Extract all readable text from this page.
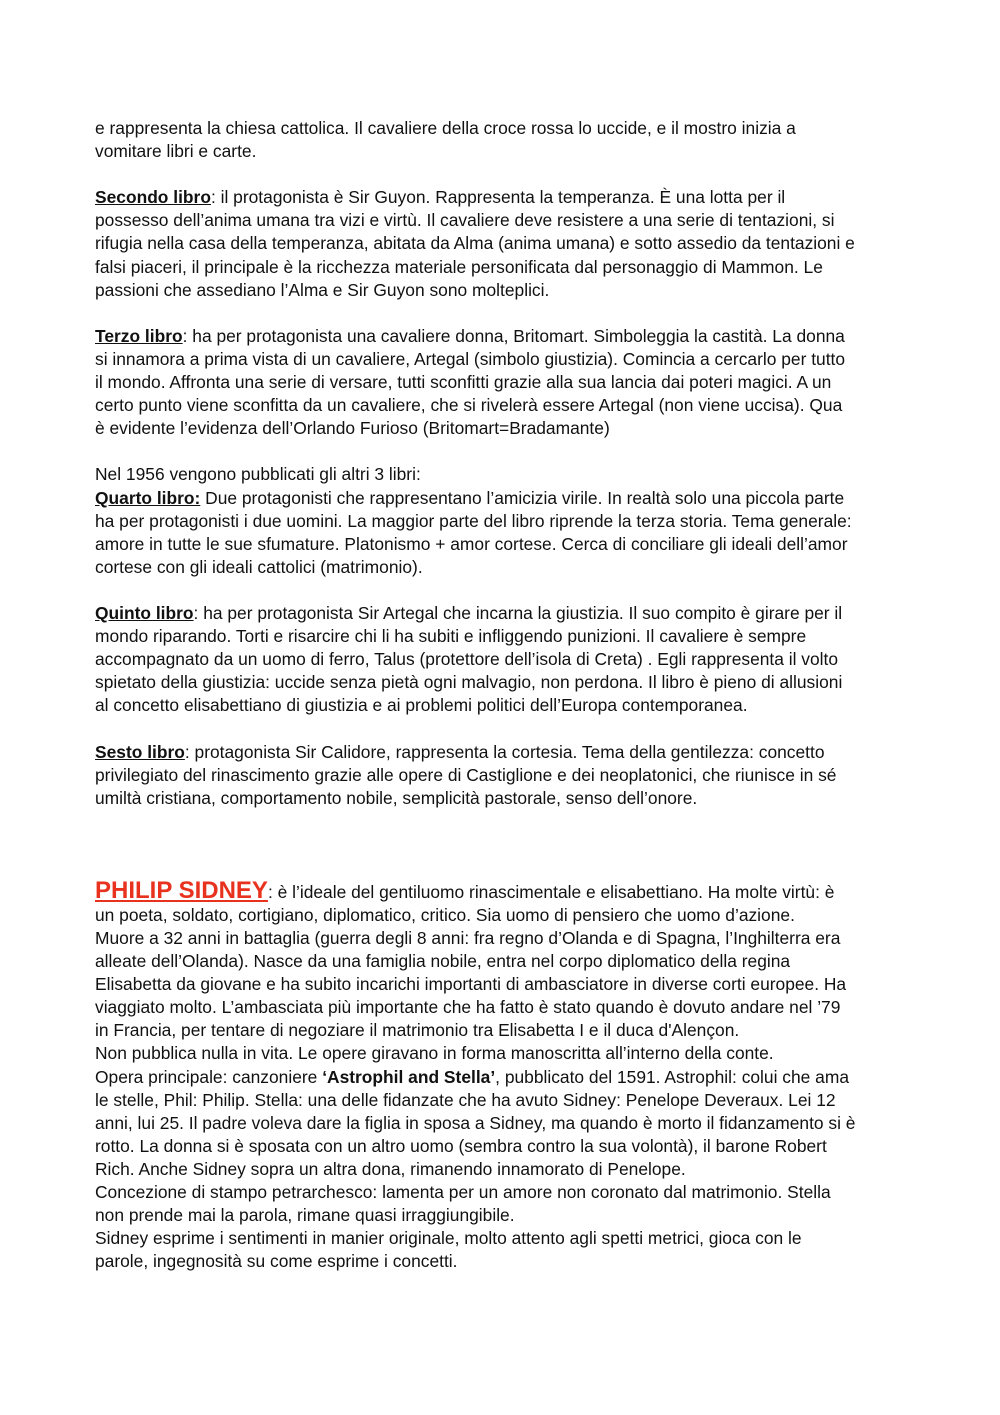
e rappresenta la chiesa cattolica. Il cavaliere della croce rossa lo uccide, e il mostro inizia a
vomitare libri e carte.
Secondo libro: il protagonista è Sir Guyon. Rappresenta la temperanza. È una lotta per il
possesso dell’anima umana tra vizi e virtù. Il cavaliere deve resistere a una serie di tentazioni, si
rifugia nella casa della temperanza, abitata da Alma (anima umana) e sotto assedio da tentazioni e
falsi piaceri, il principale è la ricchezza materiale personificata dal personaggio di Mammon. Le
passioni che assediano l’Alma e Sir Guyon sono molteplici.
Terzo libro: ha per protagonista una cavaliere donna, Britomart. Simboleggia la castità. La donna
si innamora a prima vista di un cavaliere, Artegal (simbolo giustizia). Comincia a cercarlo per tutto
il mondo. Affronta una serie di versare, tutti sconfitti grazie alla sua lancia dai poteri magici. A un
certo punto viene sconfitta da un cavaliere, che si rivelerà essere Artegal (non viene uccisa). Qua
è evidente l’evidenza dell’Orlando Furioso (Britomart=Bradamante)
Nel 1956 vengono pubblicati gli altri 3 libri:
Quarto libro: Due protagonisti che rappresentano l’amicizia virile. In realtà solo una piccola parte
ha per protagonisti i due uomini. La maggior parte del libro riprende la terza storia. Tema generale:
amore in tutte le sue sfumature. Platonismo + amor cortese. Cerca di conciliare gli ideali dell’amor
cortese con gli ideali cattolici (matrimonio).
Quinto libro: ha per protagonista Sir Artegal che incarna la giustizia. Il suo compito è girare per il
mondo riparando. Torti e risarcire chi li ha subiti e infliggendo punizioni. Il cavaliere è sempre
accompagnato da un uomo di ferro, Talus (protettore dell’isola di Creta) . Egli rappresenta il volto
spietato della giustizia: uccide senza pietà ogni malvagio, non perdona. Il libro è pieno di allusioni
al concetto elisabettiano di giustizia e ai problemi politici dell’Europa contemporanea.
Sesto libro: protagonista Sir Calidore, rappresenta la cortesia. Tema della gentilezza: concetto
privilegiato del rinascimento grazie alle opere di Castiglione e dei neoplatonici, che riunisce in sé
umiltà cristiana, comportamento nobile, semplicità pastorale, senso dell’onore.
PHILIP SIDNEY: è l’ideale del gentiluomo rinascimentale e elisabettiano. Ha molte virtù: è
un poeta, soldato, cortigiano, diplomatico, critico. Sia uomo di pensiero che uomo d’azione.
Muore a 32 anni in battaglia (guerra degli 8 anni: fra regno d’Olanda e di Spagna, l’Inghilterra era
alleate dell’Olanda). Nasce da una famiglia nobile, entra nel corpo diplomatico della regina
Elisabetta da giovane e ha subito incarichi importanti di ambasciatore in diverse corti europee. Ha
viaggiato molto. L’ambasciata più importante che ha fatto è stato quando è dovuto andare nel ’79
in Francia, per tentare di negoziare il matrimonio tra Elisabetta I e il duca d'Alençon.
Non pubblica nulla in vita. Le opere giravano in forma manoscritta all’interno della conte.
Opera principale: canzoniere ‘Astrophil and Stella’, pubblicato del 1591. Astrophil: colui che ama
le stelle, Phil: Philip. Stella: una delle fidanzate che ha avuto Sidney: Penelope Deveraux. Lei 12
anni, lui 25. Il padre voleva dare la figlia in sposa a Sidney, ma quando è morto il fidanzamento si è
rotto. La donna si è sposata con un altro uomo (sembra contro la sua volontà), il barone Robert
Rich. Anche Sidney sopra un altra dona, rimanendo innamorato di Penelope.
Concezione di stampo petrarchesco: lamenta per un amore non coronato dal matrimonio. Stella
non prende mai la parola, rimane quasi irraggiungibile.
Sidney esprime i sentimenti in manier originale, molto attento agli spetti metrici, gioca con le
parole, ingegnosità su come esprime i concetti.
